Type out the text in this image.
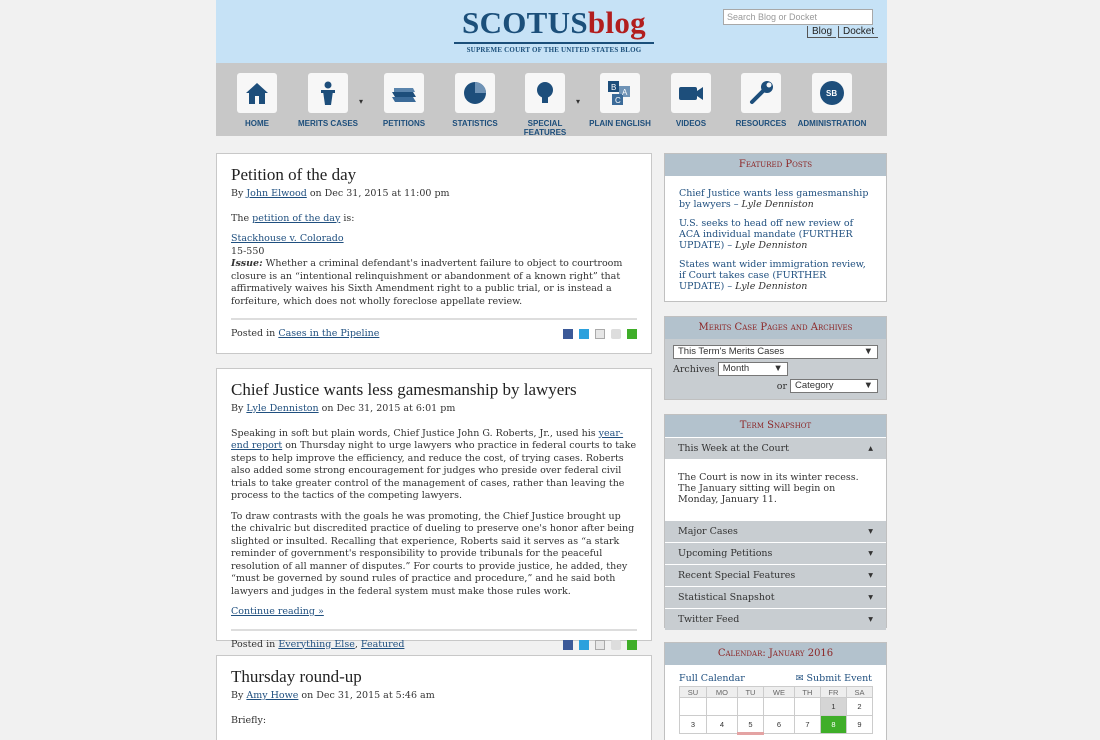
SCOTUSblog
SUPREME COURT OF THE UNITED STATES BLOG
Search Blog or Docket
Blog Docket
HOME	MERITS CASES
▾
PETITIONS	STATISTICS	SPECIAL FEATURES
▾
B
A
C
PLAIN ENGLISH	VIDEOS	RESOURCES
SB
ADMINISTRATION
Petition of the day
By John Elwood on Dec 31, 2015 at 11:00 pm

The petition of the day is:

Stackhouse v. Colorado
15-550
Issue: Whether a criminal defendant's inadvertent failure to object to courtroom closure is an “intentional relinquishment or abandonment of a known right” that affirmatively waives his Sixth Amendment right to a public trial, or is instead a forfeiture, which does not wholly foreclose appellate review.
Posted in Cases in the Pipeline
Chief Justice wants less gamesmanship by lawyers
By Lyle Denniston on Dec 31, 2015 at 6:01 pm

Speaking in soft but plain words, Chief Justice John G. Roberts, Jr., used his year-end report on Thursday night to urge lawyers who practice in federal courts to take steps to help improve the efficiency, and reduce the cost, of trying cases. Roberts also added some strong encouragement for judges who preside over federal civil trials to take greater control of the management of cases, rather than leaving the process to the tactics of the competing lawyers.

To draw contrasts with the goals he was promoting, the Chief Justice brought up the chivalric but discredited practice of dueling to preserve one's honor after being slighted or insulted. Recalling that experience, Roberts said it serves as “a stark reminder of government's responsibility to provide tribunals for the peaceful resolution of all manner of disputes.” For courts to provide justice, he added, they “must be governed by sound rules of practice and procedure,” and he said both lawyers and judges in the federal system must make those rules work.

Continue reading »
Posted in Everything Else, Featured
Thursday round-up
By Amy Howe on Dec 31, 2015 at 5:46 am

Briefly:

Featured Posts
Chief Justice wants less gamesmanship by lawyers – Lyle Denniston
U.S. seeks to head off new review of ACA individual mandate (FURTHER UPDATE) – Lyle Denniston
States want wider immigration review, if Court takes case (FURTHER UPDATE) – Lyle Denniston
Merits Case Pages and Archives
This Term's Merits Cases	▼
Archives Month	▼
or Category	▼
Term Snapshot
This Week at the Court	▴
The Court is now in its winter recess. The January sitting will begin on Monday, January 11.
Major Cases	▾
Upcoming Petitions	▾
Recent Special Features	▾
Statistical Snapshot	▾
Twitter Feed	▾
Calendar: January 2016
Full Calendar	✉ Submit Event
SU	MO	TU	WE	TH	FR	SA
					1	2
3	4	5	6	7	8	9
